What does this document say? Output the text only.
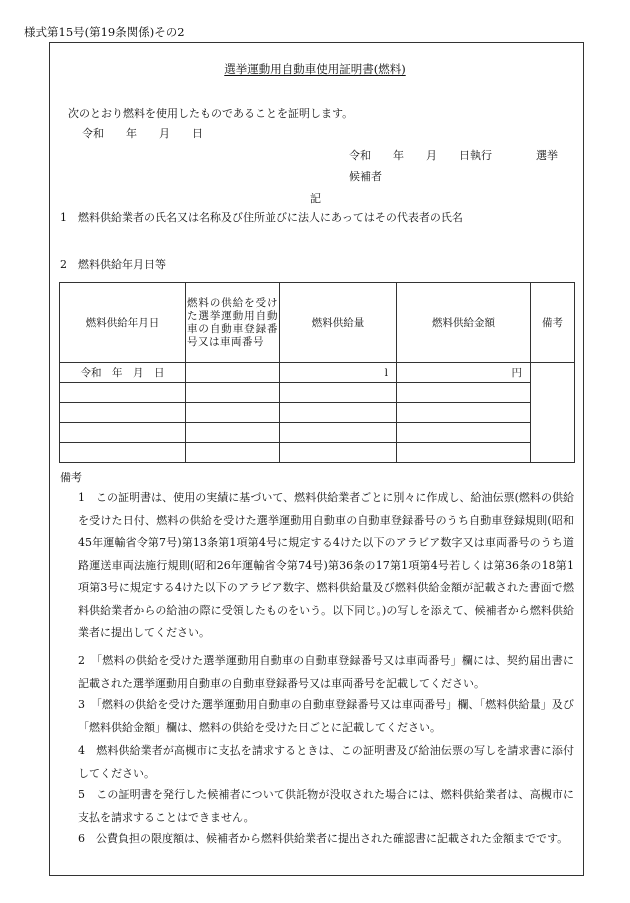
様式第15号(第19条関係)その2
選挙運動用自動車使用証明書(燃料)
次のとおり燃料を使用したものであることを証明します。
令和　　年　　月　　日
令和　　年　　月　　日執行　　　　選挙
候補者
記
1　燃料供給業者の氏名又は名称及び住所並びに法人にあってはその代表者の氏名
2　燃料供給年月日等
燃料供給年月日	燃料の供給を受けた選挙運動用自動車の自動車登録番号又は車両番号	燃料供給量	燃料供給金額	備考
令和　年　月　日		l	円	

備考

1　この証明書は、使用の実績に基づいて、燃料供給業者ごとに別々に作成し、給油伝票(燃料の供給を受けた日付、燃料の供給を受けた選挙運動用自動車の自動車登録番号のうち自動車登録規則(昭和45年運輸省令第7号)第13条第1項第4号に規定する4けた以下のアラビア数字又は車両番号のうち道路運送車両法施行規則(昭和26年運輸省令第74号)第36条の17第1項第4号若しくは第36条の18第1項第3号に規定する4けた以下のアラビア数字、燃料供給量及び燃料供給金額が記載された書面で燃料供給業者からの給油の際に受領したものをいう。以下同じ。)の写しを添えて、候補者から燃料供給業者に提出してください。

2　「燃料の供給を受けた選挙運動用自動車の自動車登録番号又は車両番号」欄には、契約届出書に記載された選挙運動用自動車の自動車登録番号又は車両番号を記載してください。

3　「燃料の供給を受けた選挙運動用自動車の自動車登録番号又は車両番号」欄、「燃料供給量」及び「燃料供給金額」欄は、燃料の供給を受けた日ごとに記載してください。

4　燃料供給業者が高槻市に支払を請求するときは、この証明書及び給油伝票の写しを請求書に添付してください。

5　この証明書を発行した候補者について供託物が没収された場合には、燃料供給業者は、高槻市に支払を請求することはできません。

6　公費負担の限度額は、候補者から燃料供給業者に提出された確認書に記載された金額までです。
